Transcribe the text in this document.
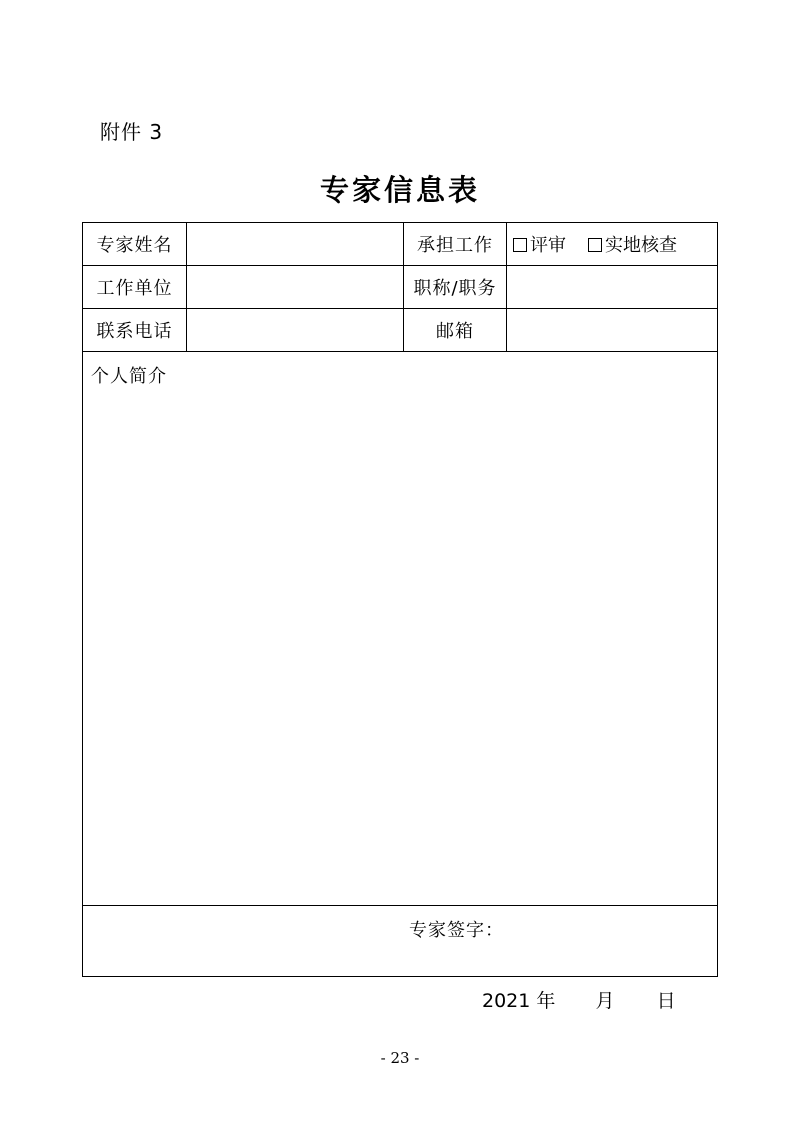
附件 3
专家信息表
专家姓名		承担工作	评审 实地核查
工作单位		职称/职务	
联系电话		邮箱	

个人简介			

专家签字：			
2021 年 月 日
- 23 -
